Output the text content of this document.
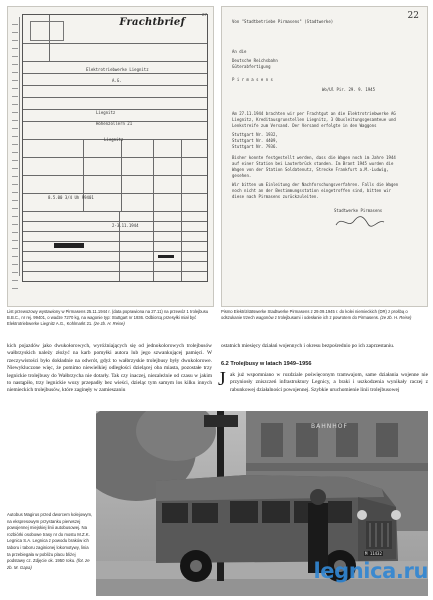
Frachtbrief
27
Elektrotriebwerke Liegnitz
A.G.
Liegnitz
Hohenzollern 21
Liegnitz
8.5.00 3/4 Uh 99401
2-3.11.1944
22
Von "Stadtbetriebe Pirmasens" (Stadtwerke)
An die
Deutsche Reichsbahn
Güterabfertigung
P i r m a s e n s
Wo/Ul Pir. 29. 9. 1945
Am 27.11.1944 brachten wir per Frachtgut an die Elektrotriebwerke AG
Liegnitz, Kreditausgrunstellen Liegnitz, 3 Obusleitungsgesamteue und
Lenkstreife zum Versand. Der Versand erfolgte in den Waggons
Stuttgart Nr. 1932,
Stuttgart Nr. 4409,
Stuttgart Nr. 7936.
Bisher konnte festgestellt werden, dass die Wagen noch im Jahre 1944
auf einer Station bei Lauterbrück standen. Im Brant 1945 wurden die
Wagen von der Station Soldatenutz, Strecke Frankfurt a.M.-Ludwig,
gesehen.
Wir bitten um Einleitung der Nachforschungsverfahren. Falls die Wagen
noch nicht an der Bestimmungsstation eingetroffen sind, bitten wir
diese nach Pirmasens zurückzuleiten.
Stadtwerke Pirmasens
List przewozowy wystawiony w Pirmasens 25.11.1944 r. (data poprawiona na 27.11) na przewóz 1 trolejbusu B.B.C., nr rej. 99401, o wadze 7270 kg, na wagonie typ: Stuttgart nr 1936. Odbiorcą przesyłki miał być Elektrotriebwerke Liegnitz A.G., Kohlmarkt 21. (ze zb. H. Reise)
Pismo Elektrizitätswerke Stadtwerke Pirmasens z 29.09.1945 r. do kolei niemieckich (DR) z prośbą o odszukanie trzech wagonów z trolejbusami i odesłanie ich z powrotem do Pirmasens. (ze zb. H. Reise)
kich pojazdów jako dwukołorowych, wyróżniających się od jednokolorowych trolejbusów wałbrzyskich należy złożyć na karb pomyłki autora lub jego szwankującej pamięci. W rzeczywistości było dokładnie na odwrót, gdyż to wałbrzyskie trolejbusy były dwukolorowe. Niewykluczone więc, że pomimo niewielkiej odległości dzielącej oba miasta, pozostałe trzy legnickie trolejbusy do Wałbrzycha nie dotarły. Tak czy inaczej, niezależnie od czasu w jakim to nastąpiło, trzy legnickie wozy przepadły bez wieści, dzieląc tym samym los kilku innych niemieckich trolejbusów, które zaginęły w zamieszaniu
ostatnich miesięcy działań wojennych i okresu bezpośrednio po ich zaprzestaniu.
6.2 Trolejbusy w latach 1949–1956
J ak już wspomniano w rozdziale poświęconym tramwajom, same działania wojenne nie przyniosły zniszczeń infrastruktury Legnicy, a braki i uszkodzenia wynikały raczej z rabunkowej działalności powojennej. Szybkie uruchomienie linii trolejbusowej
BAHNHOF
M 11432
Autobus Magirus przed dworcem kolejowym, na ekspresowym przystanku pierwszej powojennej miejskiej linii autobusowej. Na rozbiórki osobowe trasy nr do mostu M.Z.K. Legnica S.A. Legnica z powodu braków ich taboru i taboru zaginionej lokomotywy, linia ta przebiegała w pobliżu placu bliżej podstawy cz. Zdjęcie ok. 1950 roku. (fot. ze zb. M. Gapa)	legnica.ru
